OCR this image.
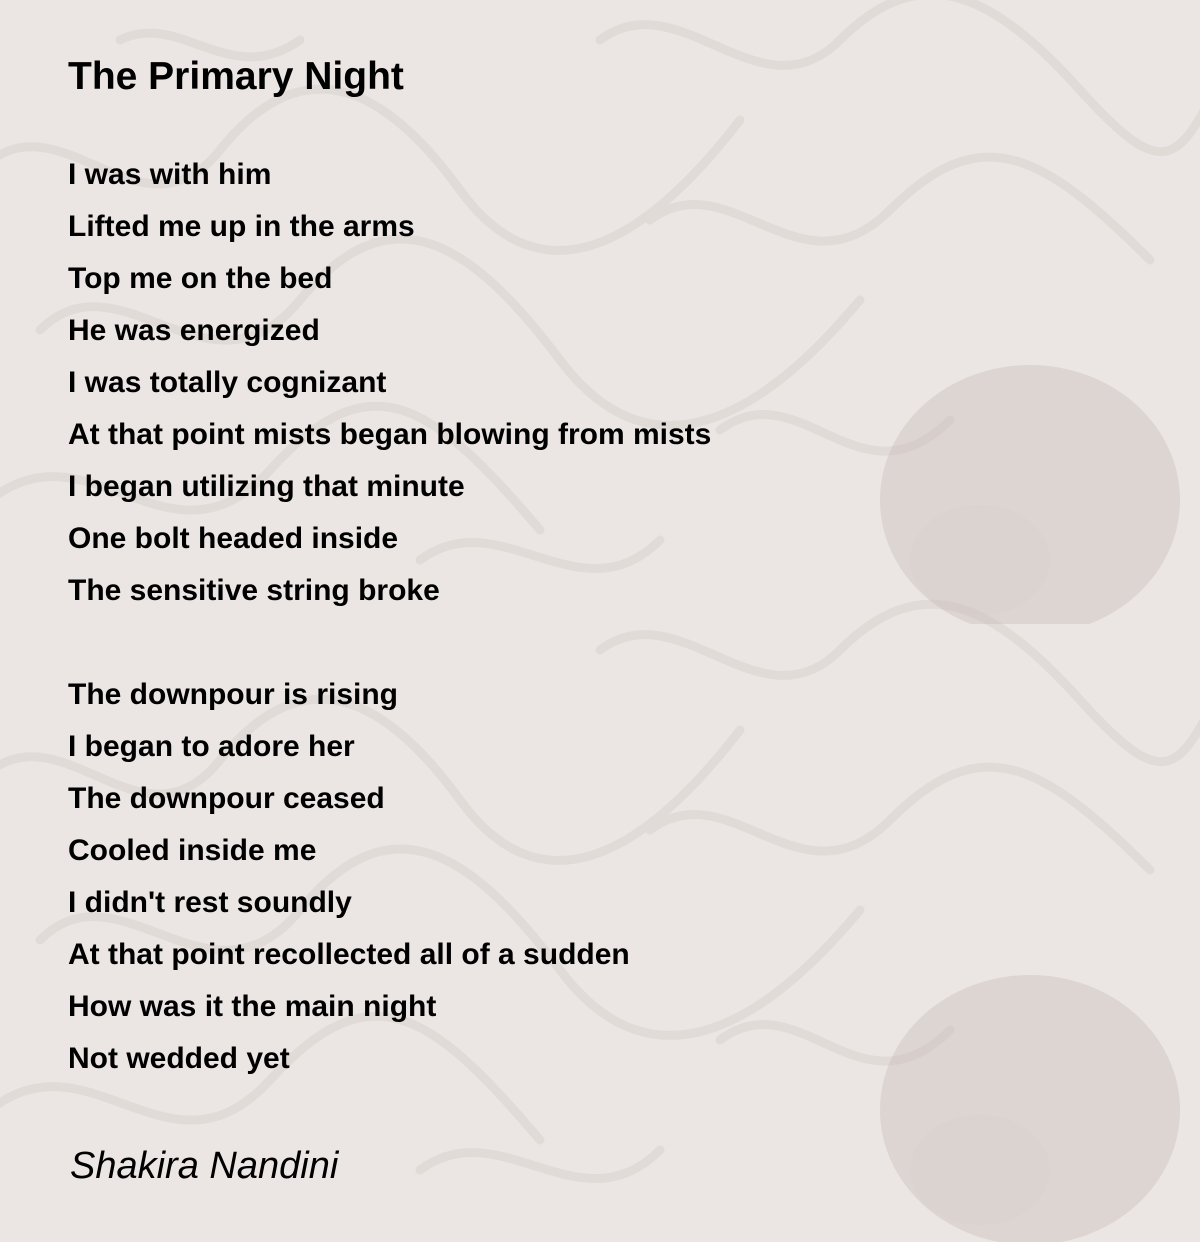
The Primary Night
I was with him
Lifted me up in the arms
Top me on the bed
He was energized
I was totally cognizant
At that point mists began blowing from mists
I began utilizing that minute
One bolt headed inside
The sensitive string broke
The downpour is rising
I began to adore her
The downpour ceased
Cooled inside me
I didn't rest soundly
At that point recollected all of a sudden
How was it the main night
Not wedded yet

Shakira Nandini
